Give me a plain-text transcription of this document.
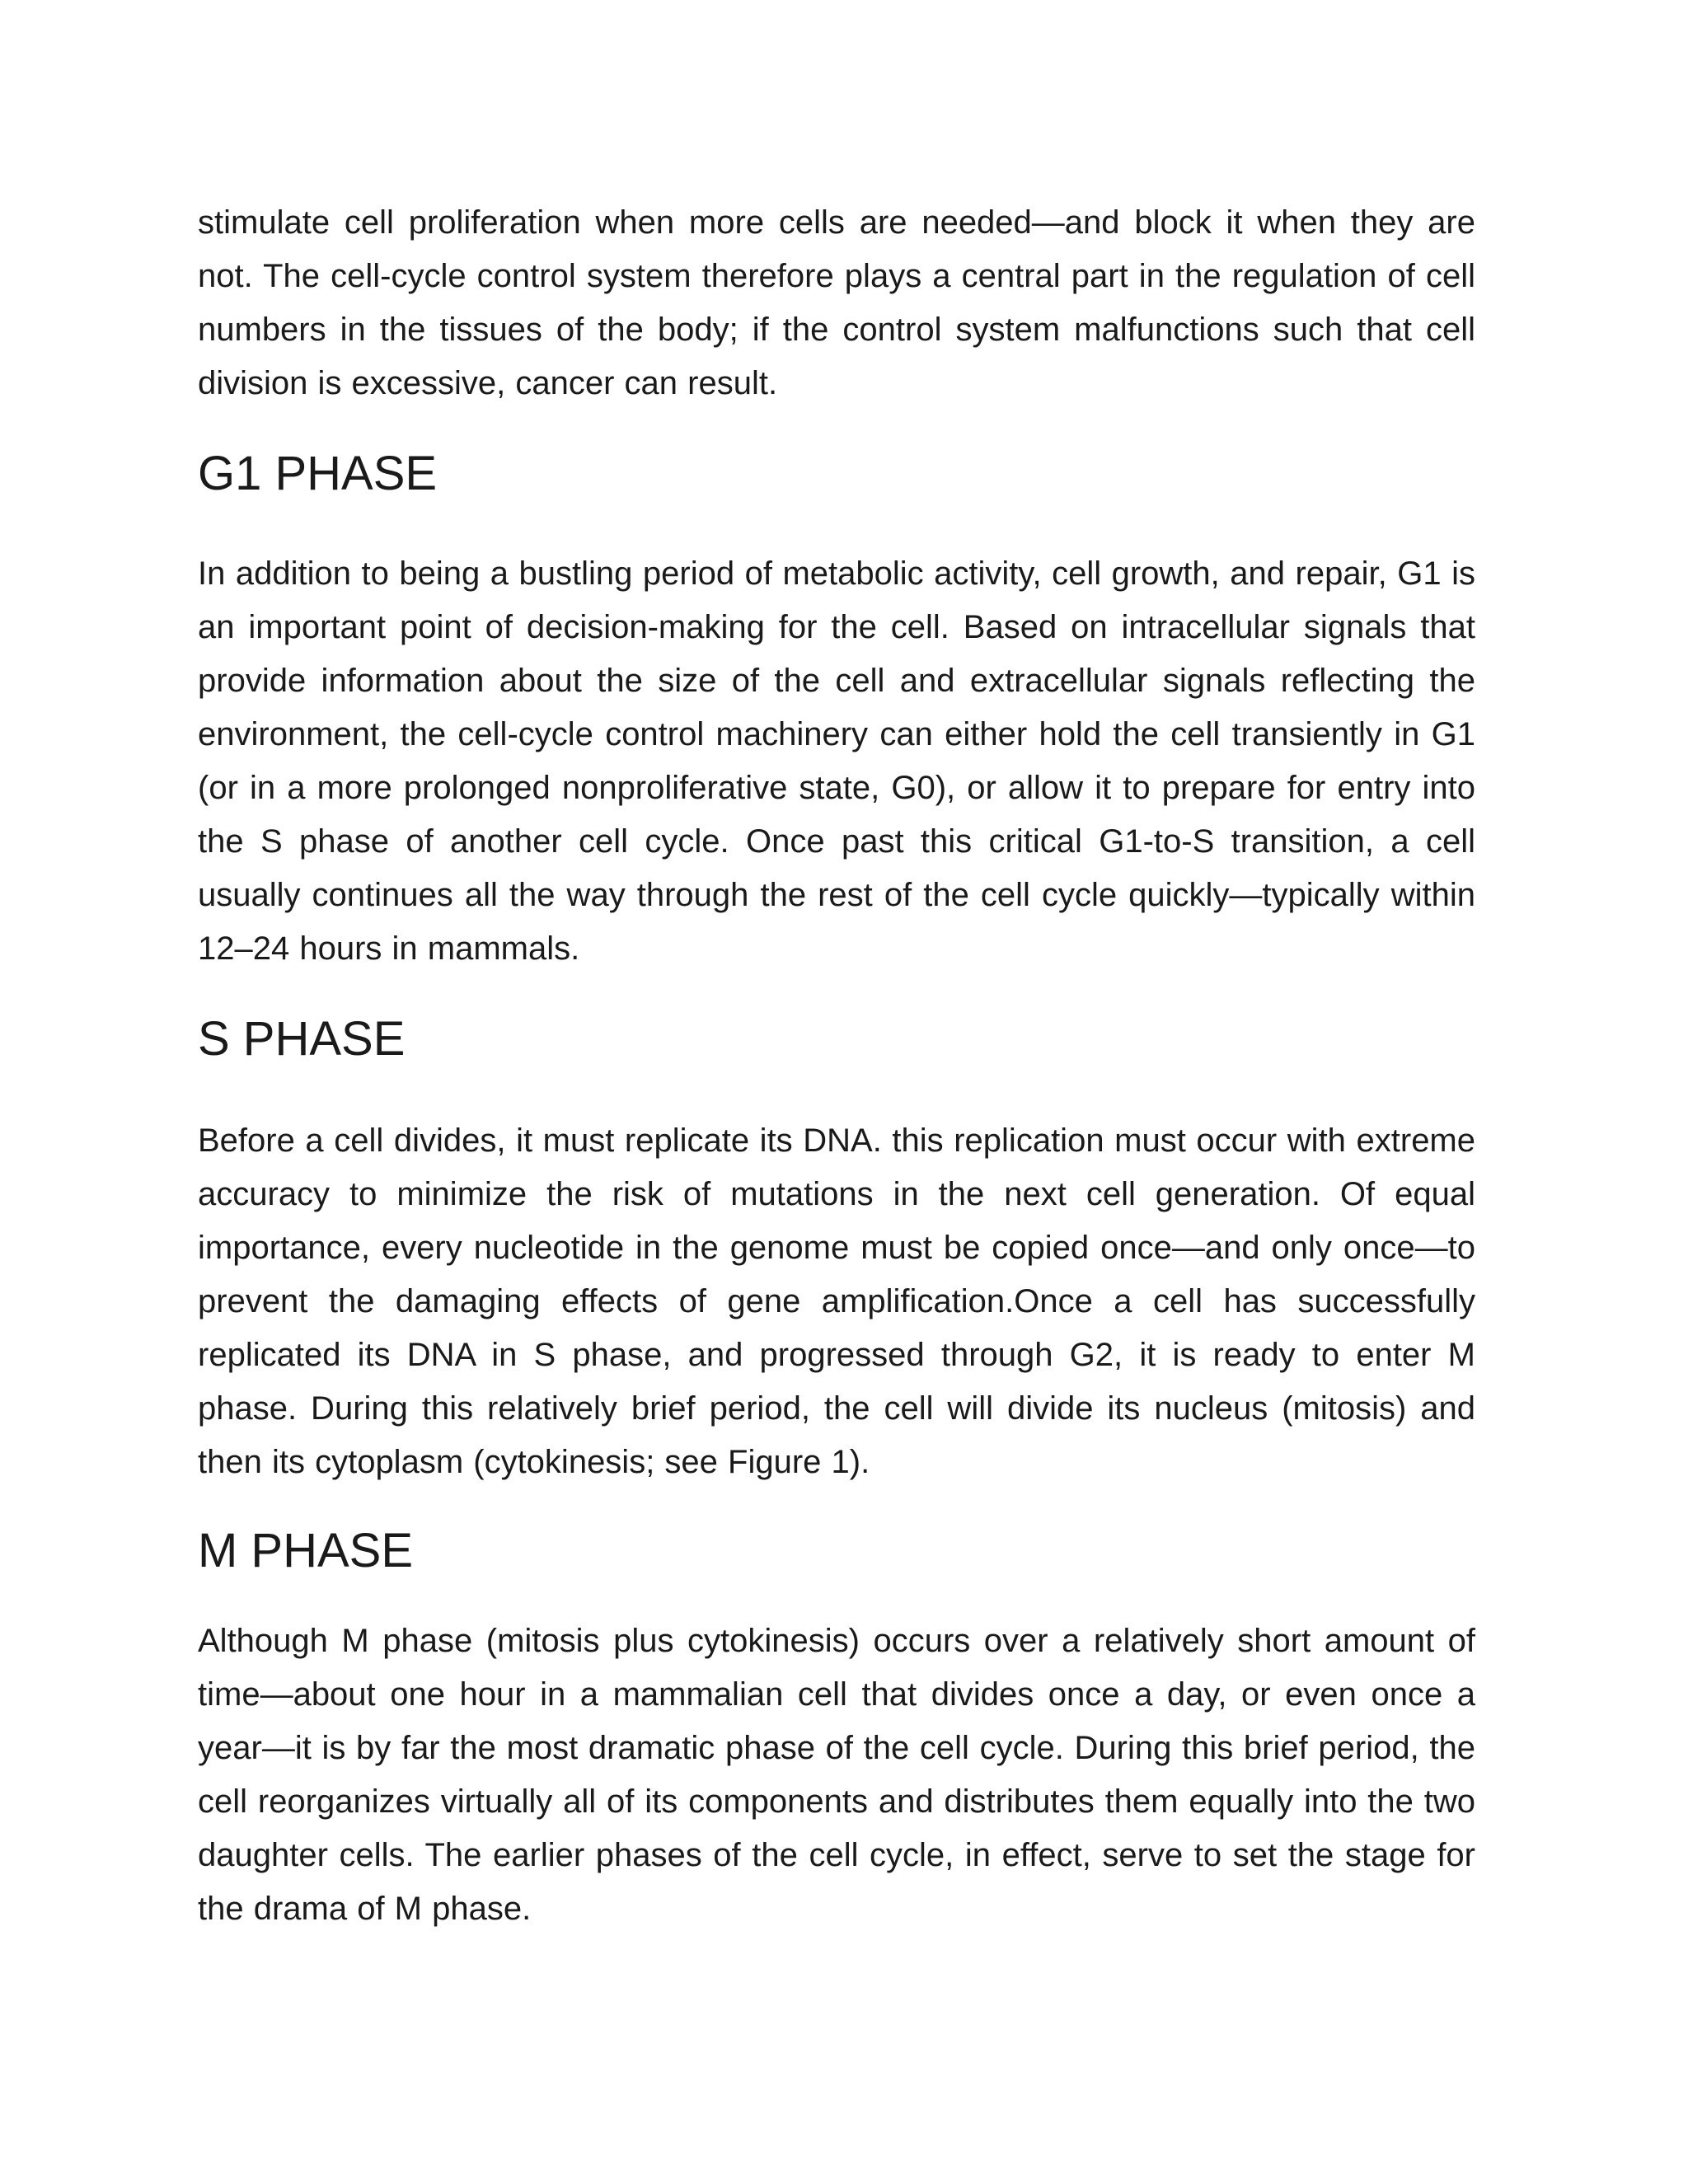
stimulate cell proliferation when more cells are needed—and block it when they are not. The cell-cycle control system therefore plays a central part in the regulation of cell numbers in the tissues of the body; if the control system malfunctions such that cell division is excessive, cancer can result.

G1 PHASE

In addition to being a bustling period of metabolic activity, cell growth, and repair, G1 is an important point of decision-making for the cell. Based on intracellular signals that provide information about the size of the cell and extracellular signals reflecting the environment, the cell-cycle control machinery can either hold the cell transiently in G1 (or in a more prolonged nonproliferative state, G0), or allow it to prepare for entry into the S phase of another cell cycle. Once past this critical G1-to-S transition, a cell usually continues all the way through the rest of the cell cycle quickly—typically within 12–24 hours in mammals.

S PHASE

Before a cell divides, it must replicate its DNA. this replication must occur with extreme accuracy to minimize the risk of mutations in the next cell generation. Of equal importance, every nucleotide in the genome must be copied once—and only once—to prevent the damaging effects of gene amplification.Once a cell has successfully replicated its DNA in S phase, and progressed through G2, it is ready to enter M phase. During this relatively brief period, the cell will divide its nucleus (mitosis) and then its cytoplasm (cytokinesis; see Figure 1).

M PHASE

Although M phase (mitosis plus cytokinesis) occurs over a relatively short amount of time—about one hour in a mammalian cell that divides once a day, or even once a year—it is by far the most dramatic phase of the cell cycle. During this brief period, the cell reorganizes virtually all of its components and distributes them equally into the two daughter cells. The earlier phases of the cell cycle, in effect, serve to set the stage for the drama of M phase.
